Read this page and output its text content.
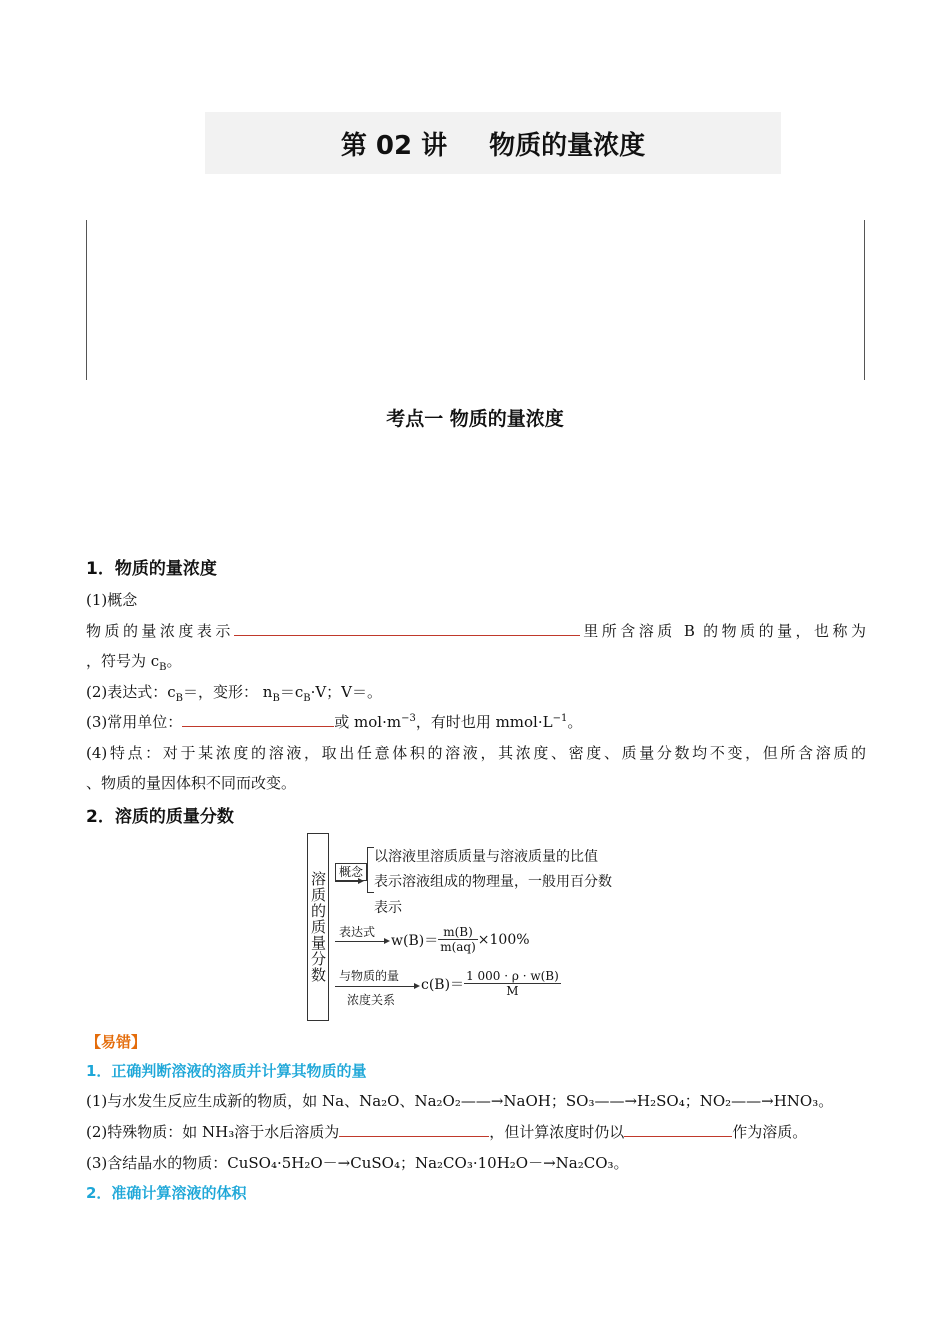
第 02 讲 物质的量浓度
考点一 物质的量浓度
1．物质的量浓度
(1)概念
物质的量浓度表示	里所含溶质 B 的物质的量，也称为
，符号为 $c_B$。
(2)表达式：$c_B=$，变形： $n_B=c_B\cdot V$；V＝。
(3)常用单位：	或 $mol\cdot m^{-3}$，有时也用 $mmol\cdot L^{-1}$。
(4)特点：对于某浓度的溶液，取出任意体积的溶液，其浓度、密度、质量分数均不变，但所含溶质的
、物质的量因体积不同而改变。
2．溶质的质量分数
溶质的质量分数	概念
以溶液里溶质质量与溶液质量的比值
表示溶液组成的物理量，一般用百分数
表示
表达式
$w(B)= \frac{m(B)}{m(aq)} \times 100\%$
与物质的量
浓度关系
$c(B)= \frac{1 000 \cdot \rho \cdot w(B)}{M}$
【易错】
1．正确判断溶液的溶质并计算其物质的量
(1)与水发生反应生成新的物质，如 Na、Na₂O、Na₂O₂——→NaOH；SO₃——→H₂SO₄；NO₂——→HNO₃。
(2)特殊物质：如 NH₃溶于水后溶质为	，但计算浓度时仍以	作为溶质。
(3)含结晶水的物质：CuSO₄·5H₂O－→CuSO₄；Na₂CO₃·10H₂O－→Na₂CO₃。
2．准确计算溶液的体积
